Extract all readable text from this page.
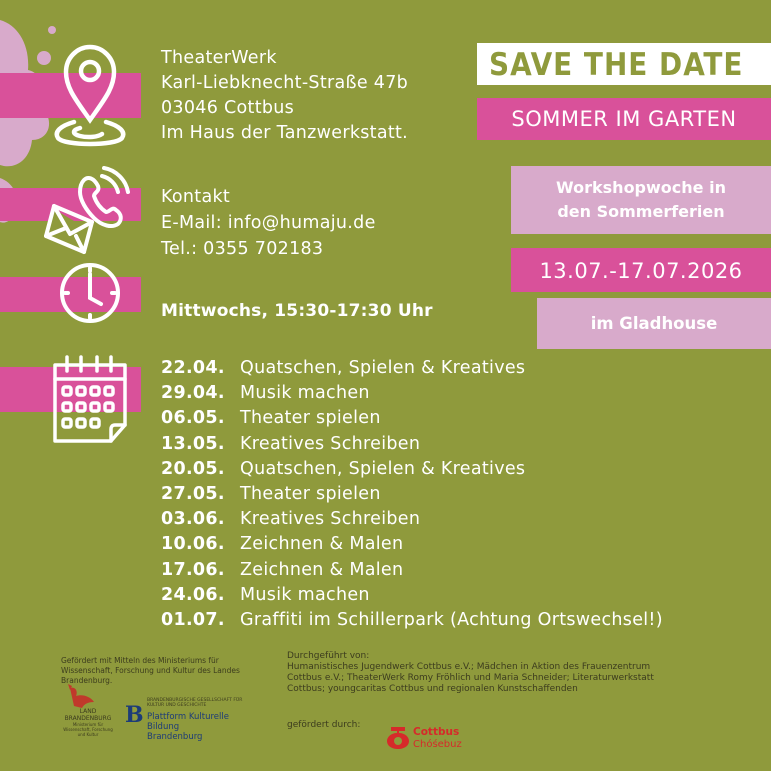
TheaterWerk
Karl-Liebknecht-Straße 47b
03046 Cottbus
Im Haus der Tanzwerkstatt.
Kontakt
E-Mail: info@humaju.de
Tel.: 0355 702183
Mittwochs, 15:30-17:30 Uhr
22.04. Quatschen, Spielen & Kreatives
29.04. Musik machen
06.05. Theater spielen
13.05. Kreatives Schreiben
20.05. Quatschen, Spielen & Kreatives
27.05. Theater spielen
03.06. Kreatives Schreiben
10.06. Zeichnen & Malen
17.06. Zeichnen & Malen
24.06. Musik machen
01.07. Graffiti im Schillerpark (Achtung Ortswechsel!)
SAVE THE DATE
SOMMER IM GARTEN
Workshopwoche in
den Sommerferien
13.07.-17.07.2026
im Gladhouse
Gefördert mit Mitteln des Ministeriums für Wissenschaft, Forschung und Kultur des Landes Brandenburg.
LAND BRANDENBURG
Ministerium für Wissenschaft, Forschung und Kultur
B
BRANDENBURGISCHE GESELLSCHAFT FÜR KULTUR UND GESCHICHTE
Plattform Kulturelle Bildung
Brandenburg
Durchgeführt von:
Humanistisches Jugendwerk Cottbus e.V.; Mädchen in Aktion des Frauenzentrum Cottbus e.V.; TheaterWerk Romy Fröhlich und Maria Schneider; Literaturwerkstatt Cottbus; youngcaritas Cottbus und regionalen Kunstschaffenden
gefördert durch:
Cottbus
Chóśebuz
